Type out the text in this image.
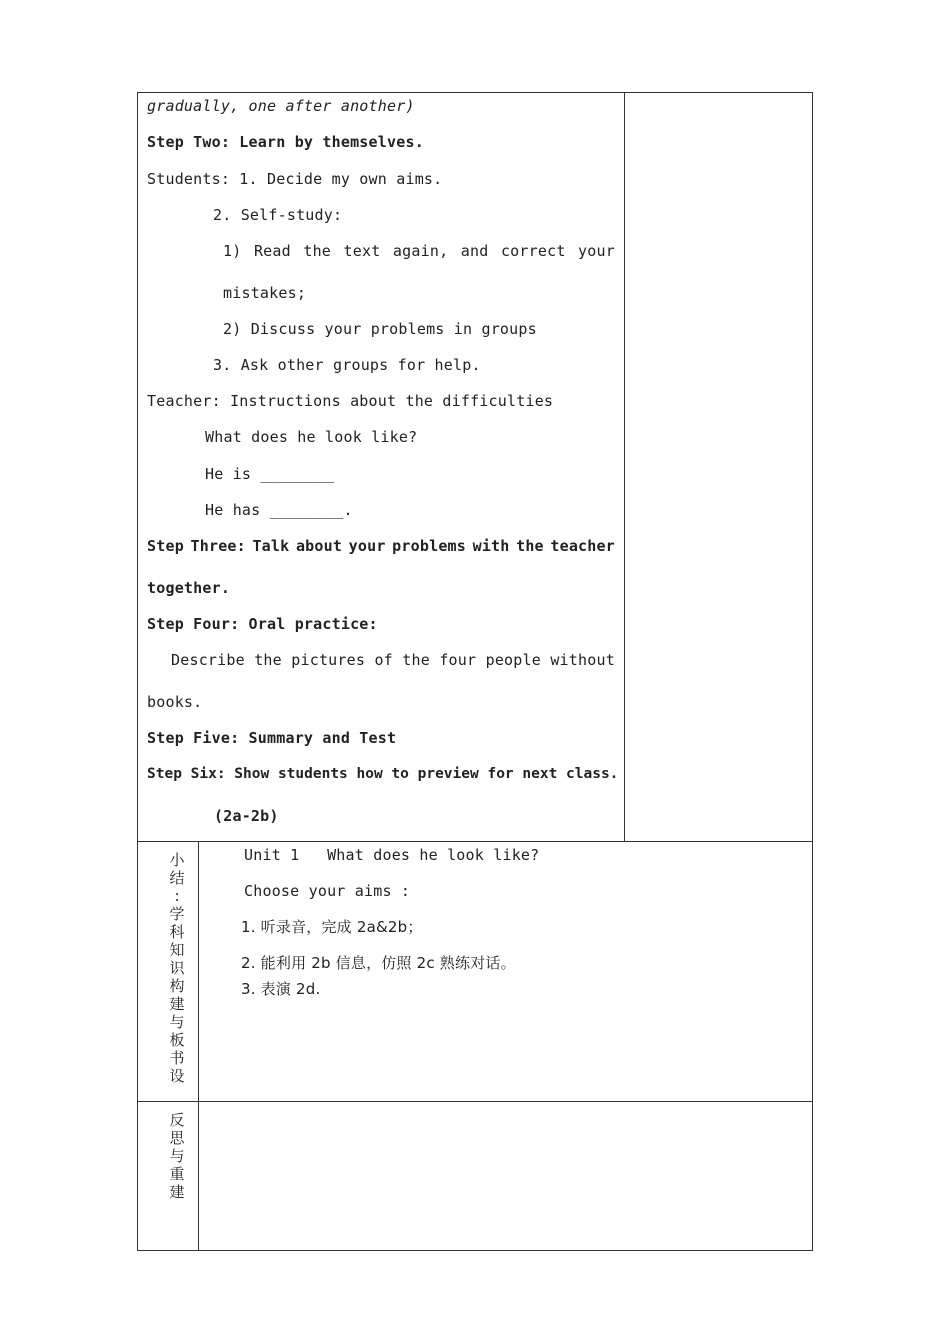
gradually, one after another)
Step Two: Learn by themselves.
Students: 1. Decide my own aims.
2. Self-study:
1) Read the text again, and correct your
mistakes;
2) Discuss your problems in groups
3. Ask other groups for help.
Teacher: Instructions about the difficulties
What does he look like?
He is ________
He has ________.
Step Three: Talk about your problems with the teacher
together.
Step Four: Oral practice:
Describe the pictures of the four people without
books.
Step Five: Summary and Test
Step Six: Show students how to preview for next class.
(2a-2b)
小
结
:
学
科
知
识
构
建
与
板
书
设
Unit 1   What does he look like?
Choose your aims :
1. 听录音，完成 2a&2b；
2. 能利用 2b 信息，仿照 2c 熟练对话。
3. 表演 2d.
反
思
与
重
建
